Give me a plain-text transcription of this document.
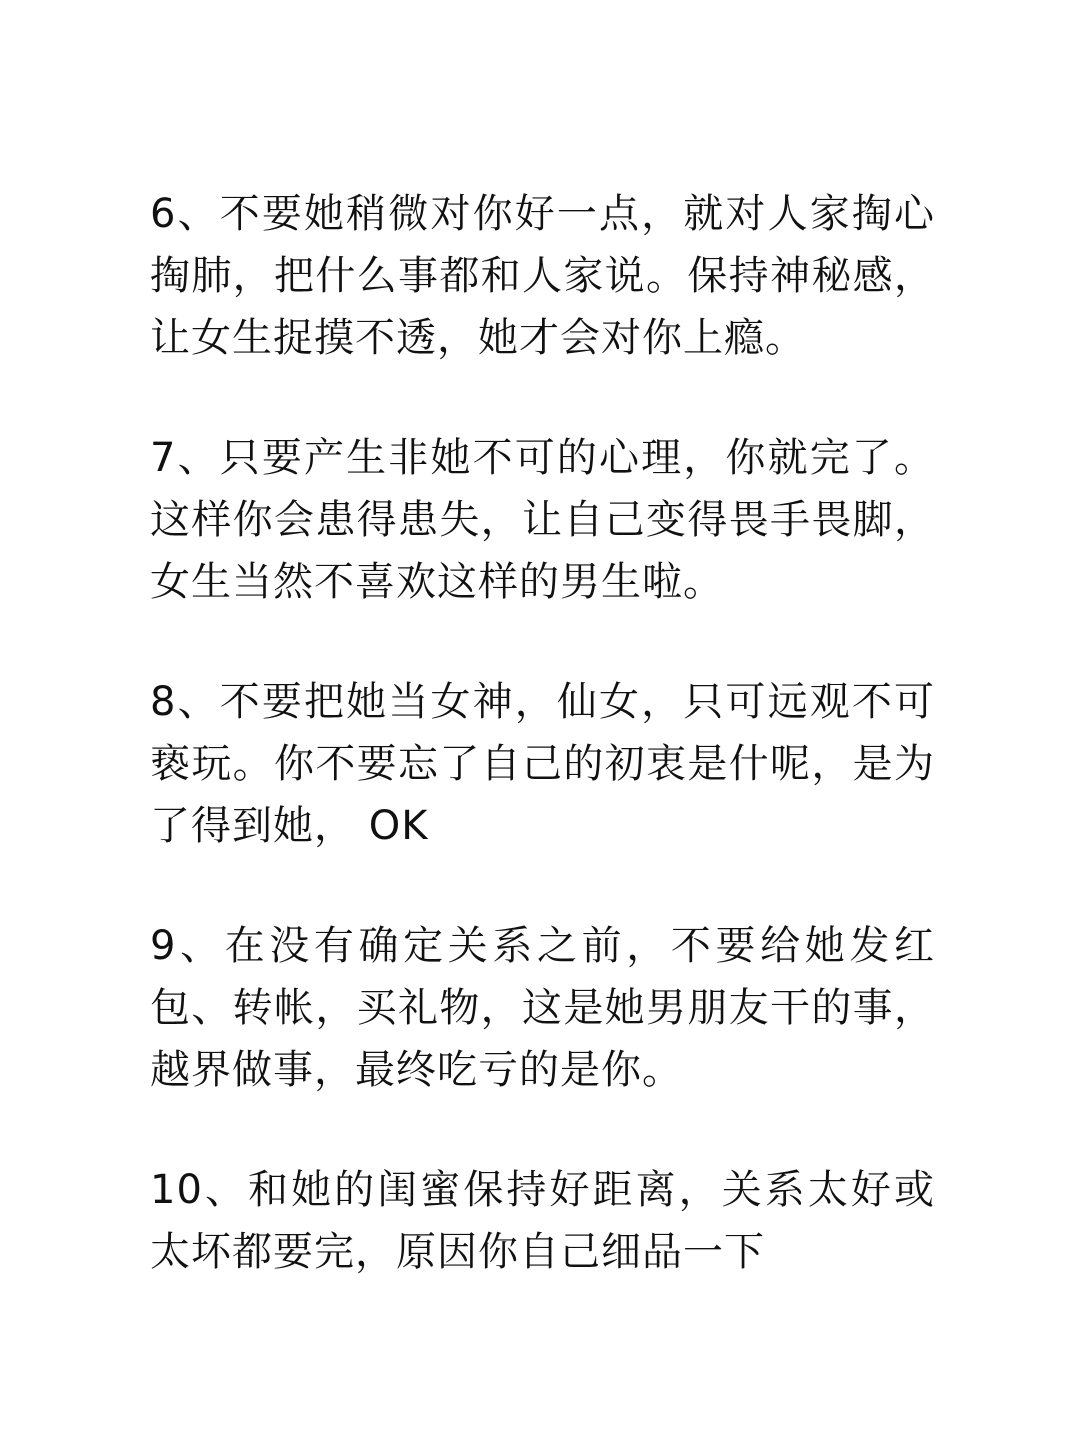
6、不要她稍微对你好一点，就对人家掏心掏肺，把什么事都和人家说。保持神秘感，让女生捉摸不透，她才会对你上瘾。

7、只要产生非她不可的心理，你就完了。这样你会患得患失，让自己变得畏手畏脚，女生当然不喜欢这样的男生啦。

8、不要把她当女神，仙女，只可远观不可亵玩。你不要忘了自己的初衷是什呢，是为了得到她， OK

9、在没有确定关系之前，不要给她发红包、转帐，买礼物，这是她男朋友干的事，越界做事，最终吃亏的是你。

10、和她的闺蜜保持好距离，关系太好或太坏都要完，原因你自己细品一下
